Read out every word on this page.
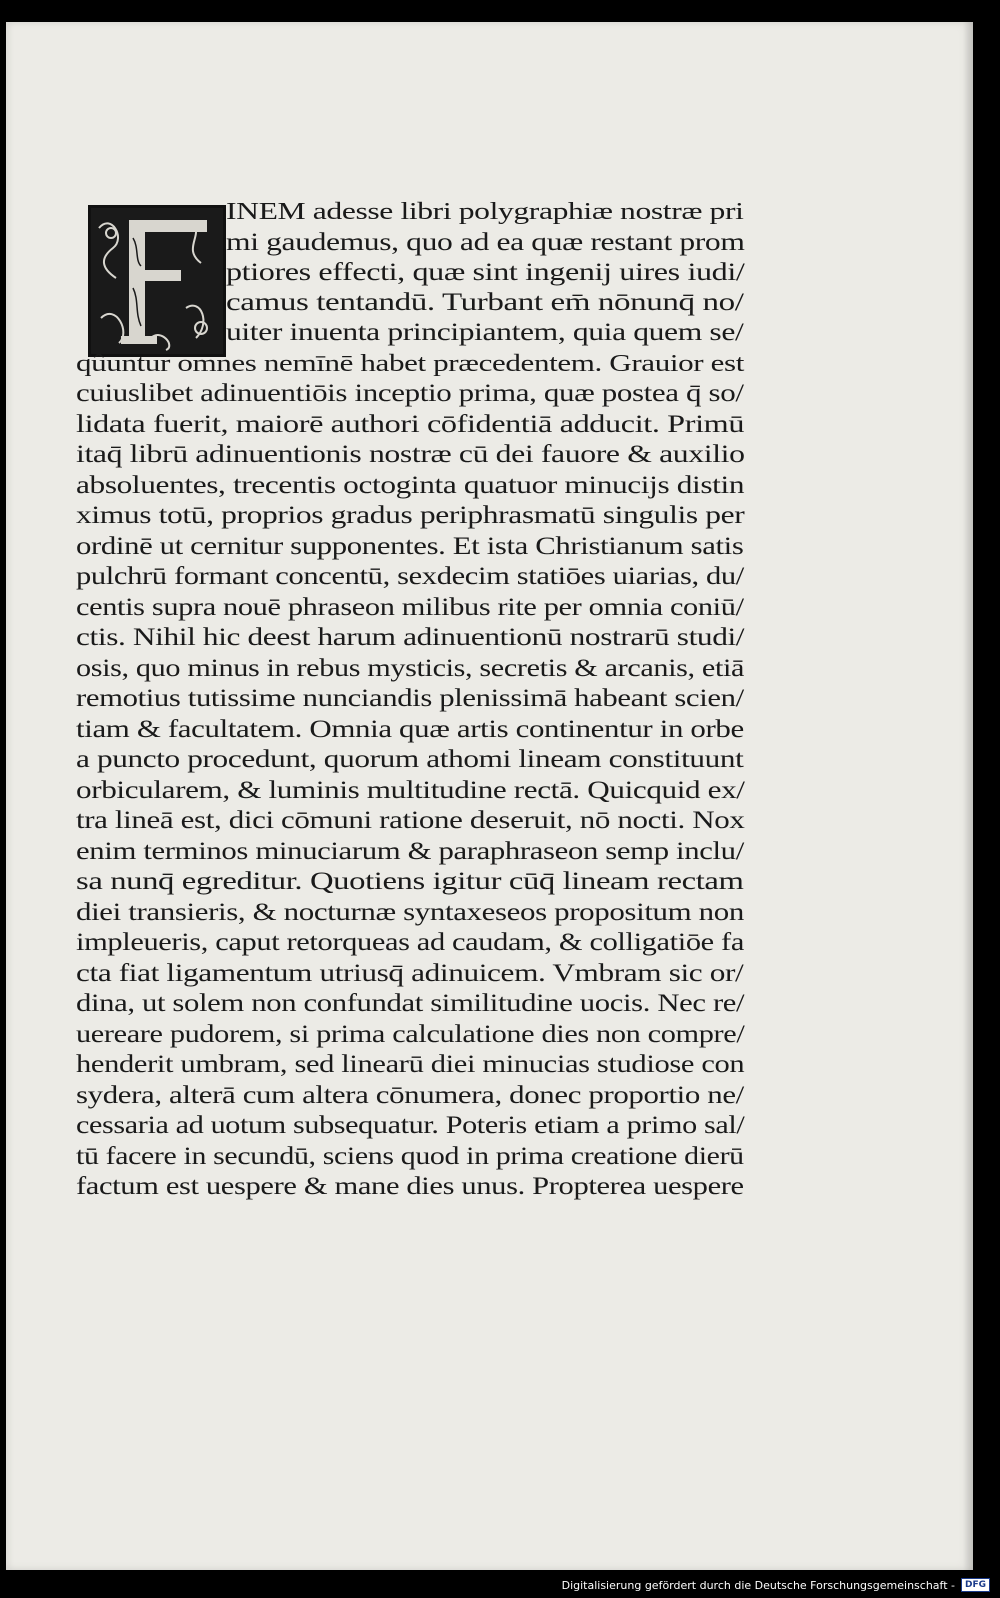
INEM adesse libri polygraphiæ nostræ pri
mi gaudemus, quo ad ea quæ restant prom
ptiores effecti, quæ sint ingenij uires iudi/
camus tentandū. Turbant em̄ nōnunq̄ no/
uiter inuenta principiantem, quia quem se/
qûuntur omnes nemīnē habet præcedentem. Grauior est
cuiuslibet adinuentiōis inceptio prima, quæ postea q̄ so/
lidata fuerit, maiorē authori cōfidentiā adducit. Primū
itaq̄ librū adinuentionis nostræ cū dei fauore & auxilio
absoluentes, trecentis octoginta quatuor minucijs distin
ximus totū, proprios gradus periphrasmatū singulis per
ordinē ut cernitur supponentes. Et ista Christianum satis
pulchrū formant concentū, sexdecim statiōes uiarias, du/
centis supra nouē phraseon milibus rite per omnia coniū/
ctis. Nihil hic deest harum adinuentionū nostrarū studi/
osis, quo minus in rebus mysticis, secretis & arcanis, etiā
remotius tutissime nunciandis plenissimā habeant scien/
tiam & facultatem. Omnia quæ artis continentur in orbe
a puncto procedunt, quorum athomi lineam constituunt
orbicularem, & luminis multitudine rectā. Quicquid ex/
tra lineā est, dici cōmuni ratione deseruit, nō nocti. Nox
enim terminos minuciarum & paraphraseon semp inclu/
sa nunq̄ egreditur. Quotiens igitur cūq̄ lineam rectam
diei transieris, & nocturnæ syntaxeseos propositum non
impleueris, caput retorqueas ad caudam, & colligatiōe fa
cta fiat ligamentum utriusq̄ adinuicem. Vmbram sic or/
dina, ut solem non confundat similitudine uocis. Nec re/
uereare pudorem, si prima calculatione dies non compre/
henderit umbram, sed linearū diei minucias studiose con
sydera, alterā cum altera cōnumera, donec proportio ne/
cessaria ad uotum subsequatur. Poteris etiam a primo sal/
tū facere in secundū, sciens quod in prima creatione dierū
factum est uespere & mane dies unus. Propterea uespere
Digitalisierung gefördert durch die Deutsche Forschungsgemeinschaft -	DFG
